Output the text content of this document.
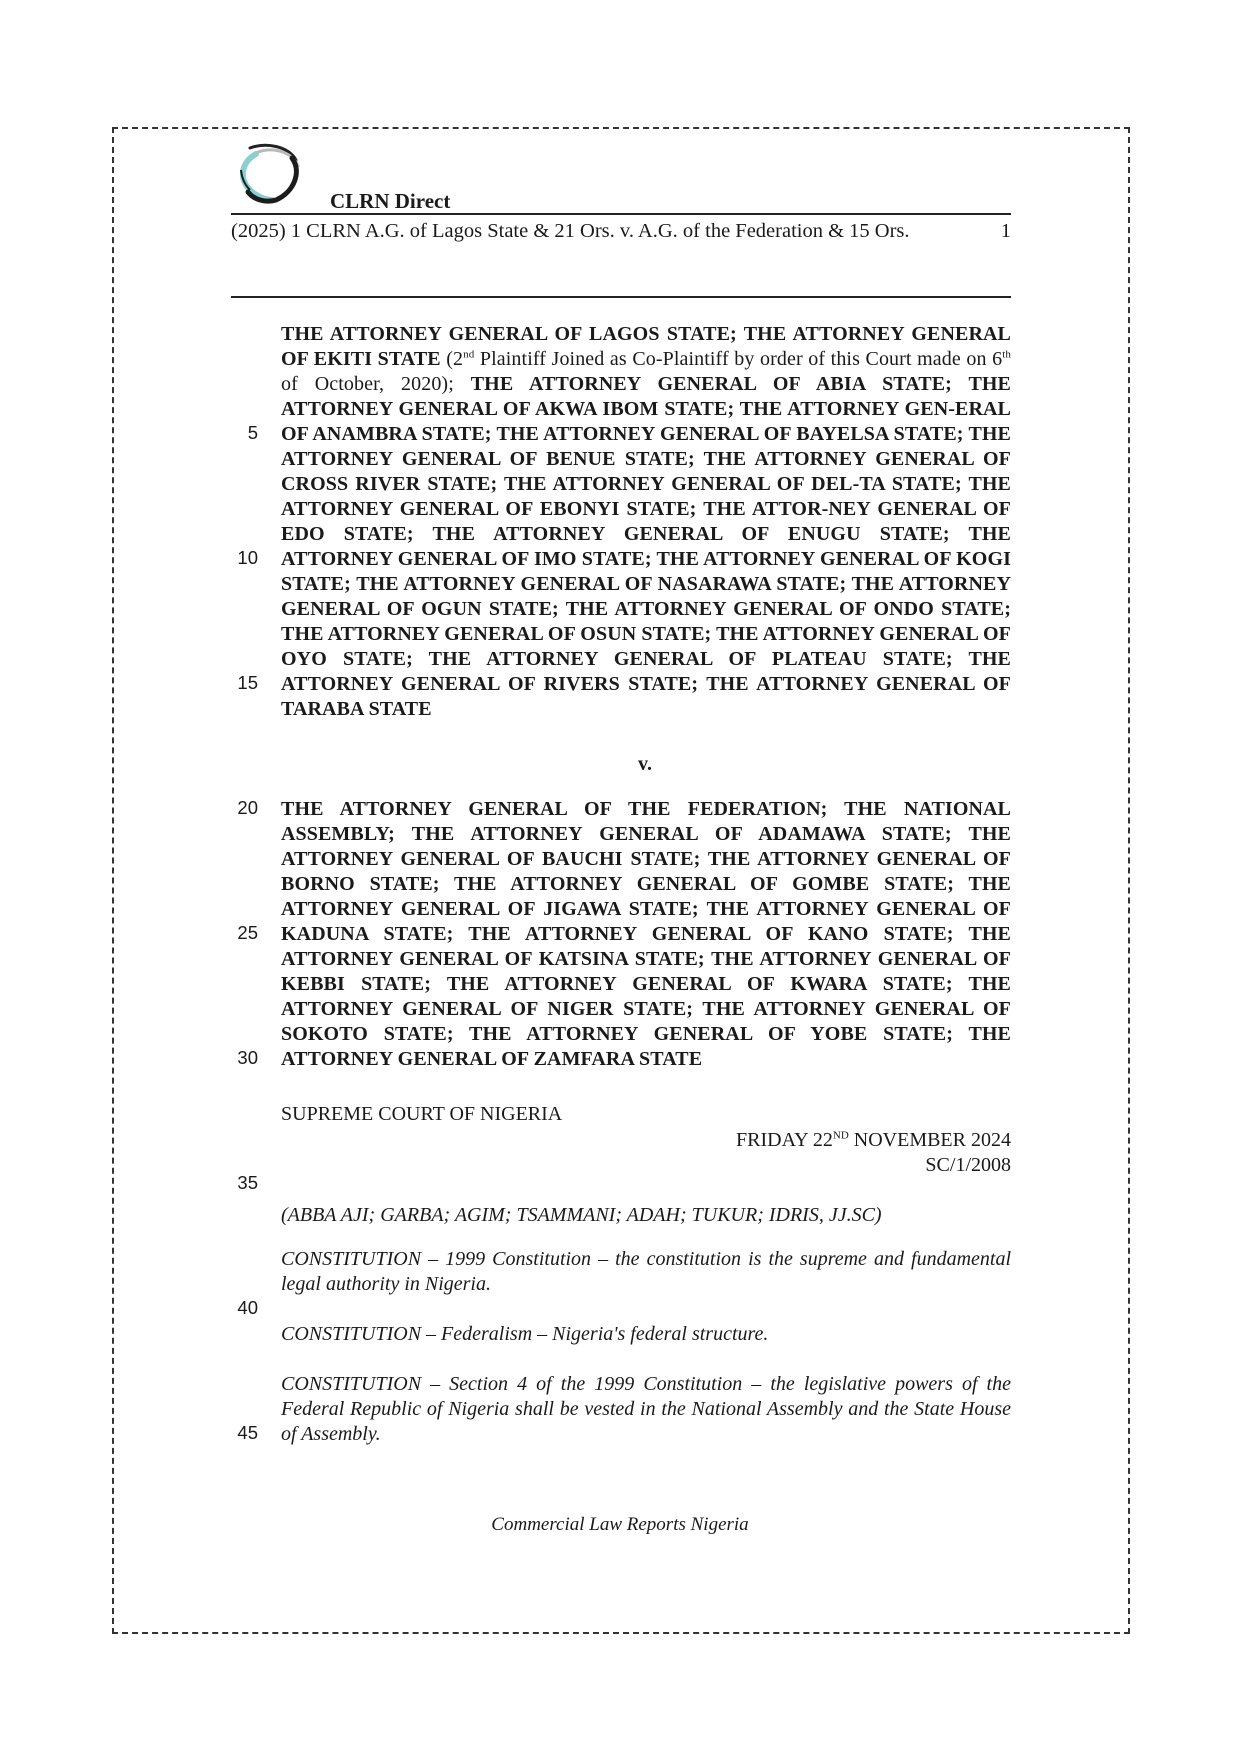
CLRN Direct
(2025) 1 CLRN A.G. of Lagos State & 21 Ors. v. A.G. of the Federation & 15 Ors.	1
5
10
15
20
25
30
35
40
45
THE ATTORNEY GENERAL OF LAGOS STATE; THE ATTORNEY GENERAL OF EKITI STATE (2nd Plaintiff Joined as Co-Plaintiff by order of this Court made on 6th of October, 2020); THE ATTORNEY GENERAL OF ABIA STATE; THE ATTORNEY GENERAL OF AKWA IBOM STATE; THE ATTORNEY GEN-ERAL OF ANAMBRA STATE; THE ATTORNEY GENERAL OF BAYELSA STATE; THE ATTORNEY GENERAL OF BENUE STATE; THE ATTORNEY GENERAL OF CROSS RIVER STATE; THE ATTORNEY GENERAL OF DEL-TA STATE; THE ATTORNEY GENERAL OF EBONYI STATE; THE ATTOR-NEY GENERAL OF EDO STATE; THE ATTORNEY GENERAL OF ENUGU STATE; THE ATTORNEY GENERAL OF IMO STATE; THE ATTORNEY GENERAL OF KOGI STATE; THE ATTORNEY GENERAL OF NASARAWA STATE; THE ATTORNEY GENERAL OF OGUN STATE; THE ATTORNEY GENERAL OF ONDO STATE; THE ATTORNEY GENERAL OF OSUN STATE; THE ATTORNEY GENERAL OF OYO STATE; THE ATTORNEY GENERAL OF PLATEAU STATE; THE ATTORNEY GENERAL OF RIVERS STATE; THE ATTORNEY GENERAL OF TARABA STATE
v.
THE ATTORNEY GENERAL OF THE FEDERATION; THE NATIONAL ASSEMBLY; THE ATTORNEY GENERAL OF ADAMAWA STATE; THE ATTORNEY GENERAL OF BAUCHI STATE; THE ATTORNEY GENERAL OF BORNO STATE; THE ATTORNEY GENERAL OF GOMBE STATE; THE ATTORNEY GENERAL OF JIGAWA STATE; THE ATTORNEY GENERAL OF KADUNA STATE; THE ATTORNEY GENERAL OF KANO STATE; THE ATTORNEY GENERAL OF KATSINA STATE; THE ATTORNEY GENERAL OF KEBBI STATE; THE ATTORNEY GENERAL OF KWARA STATE; THE ATTORNEY GENERAL OF NIGER STATE; THE ATTORNEY GENERAL OF SOKOTO STATE; THE ATTORNEY GENERAL OF YOBE STATE; THE ATTORNEY GENERAL OF ZAMFARA STATE
SUPREME COURT OF NIGERIA
FRIDAY 22ND NOVEMBER 2024
SC/1/2008
(ABBA AJI; GARBA; AGIM; TSAMMANI; ADAH; TUKUR; IDRIS, JJ.SC)
CONSTITUTION – 1999 Constitution – the constitution is the supreme and fundamental legal authority in Nigeria.
CONSTITUTION – Federalism – Nigeria's federal structure.
CONSTITUTION – Section 4 of the 1999 Constitution – the legislative powers of the Federal Republic of Nigeria shall be vested in the National Assembly and the State House of Assembly.
Commercial Law Reports Nigeria
